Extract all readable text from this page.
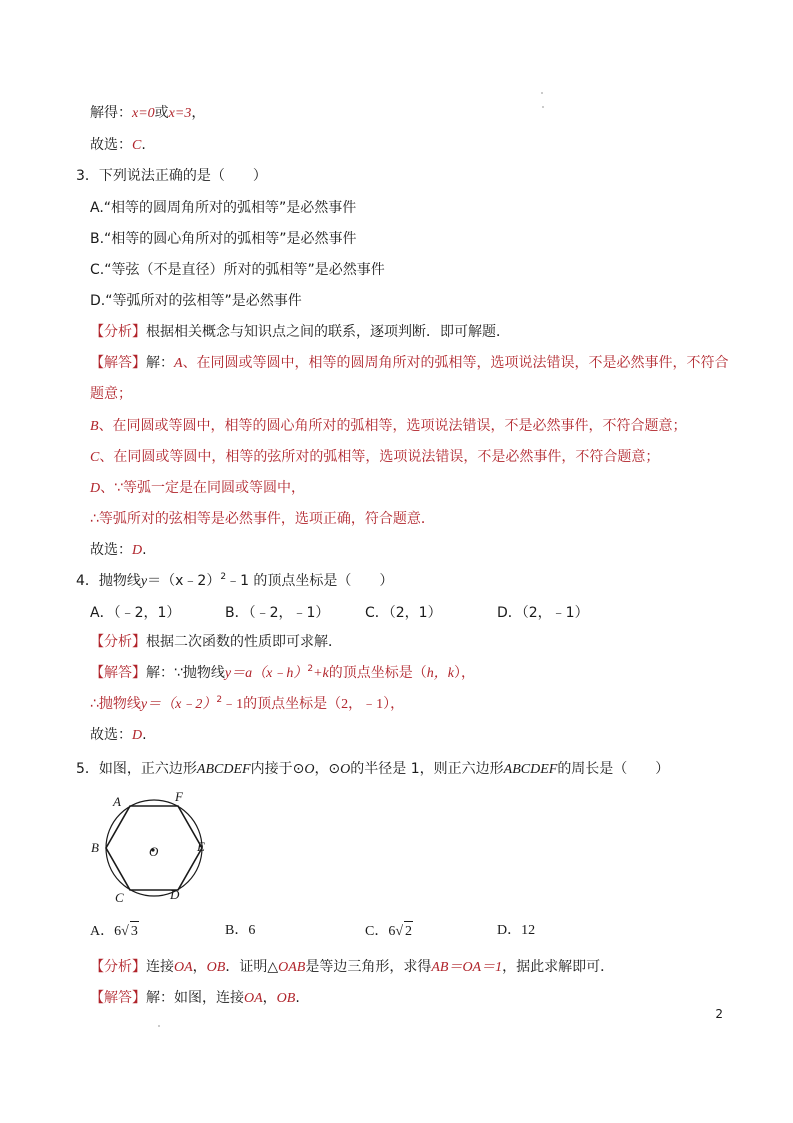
解得：x=0或x=3，
故选：C.
3．下列说法正确的是（　　）
A.“相等的圆周角所对的弧相等”是必然事件
B.“相等的圆心角所对的弧相等”是必然事件
C.“等弦（不是直径）所对的弧相等”是必然事件
D.“等弧所对的弦相等”是必然事件
【分析】根据相关概念与知识点之间的联系，逐项判断．即可解题．
【解答】解：A、在同圆或等圆中，相等的圆周角所对的弧相等，选项说法错误，不是必然事件，不符合
题意；
B、在同圆或等圆中，相等的圆心角所对的弧相等，选项说法错误，不是必然事件，不符合题意；
C、在同圆或等圆中，相等的弦所对的弧相等，选项说法错误，不是必然事件，不符合题意；
D、∵等弧一定是在同圆或等圆中，
∴等弧所对的弦相等是必然事件，选项正确，符合题意．
故选：D.
4．抛物线y＝（x﹣2）$^2$﹣1 的顶点坐标是（　　）
A．（﹣2，1）	B．（﹣2，﹣1）	C．（2，1）	D．（2，﹣1）
【分析】根据二次函数的性质即可求解．
【解答】解：∵抛物线y＝a（x﹣h）$^2$+k的顶点坐标是（h，k），
∴抛物线y＝（x﹣2）$^2$﹣1的顶点坐标是（2，﹣1），
故选：D.
5．如图，正六边形ABCDEF内接于⊙O，⊙O的半径是 1，则正六边形ABCDEF的周长是（　　）
A	F
B	E
C	D
O
A．6√ 3	B．6	C．6√ 2	D．12
【分析】连接OA，OB．证明△OAB是等边三角形，求得AB＝OA＝1，据此求解即可．
【解答】解：如图，连接OA，OB.
2
